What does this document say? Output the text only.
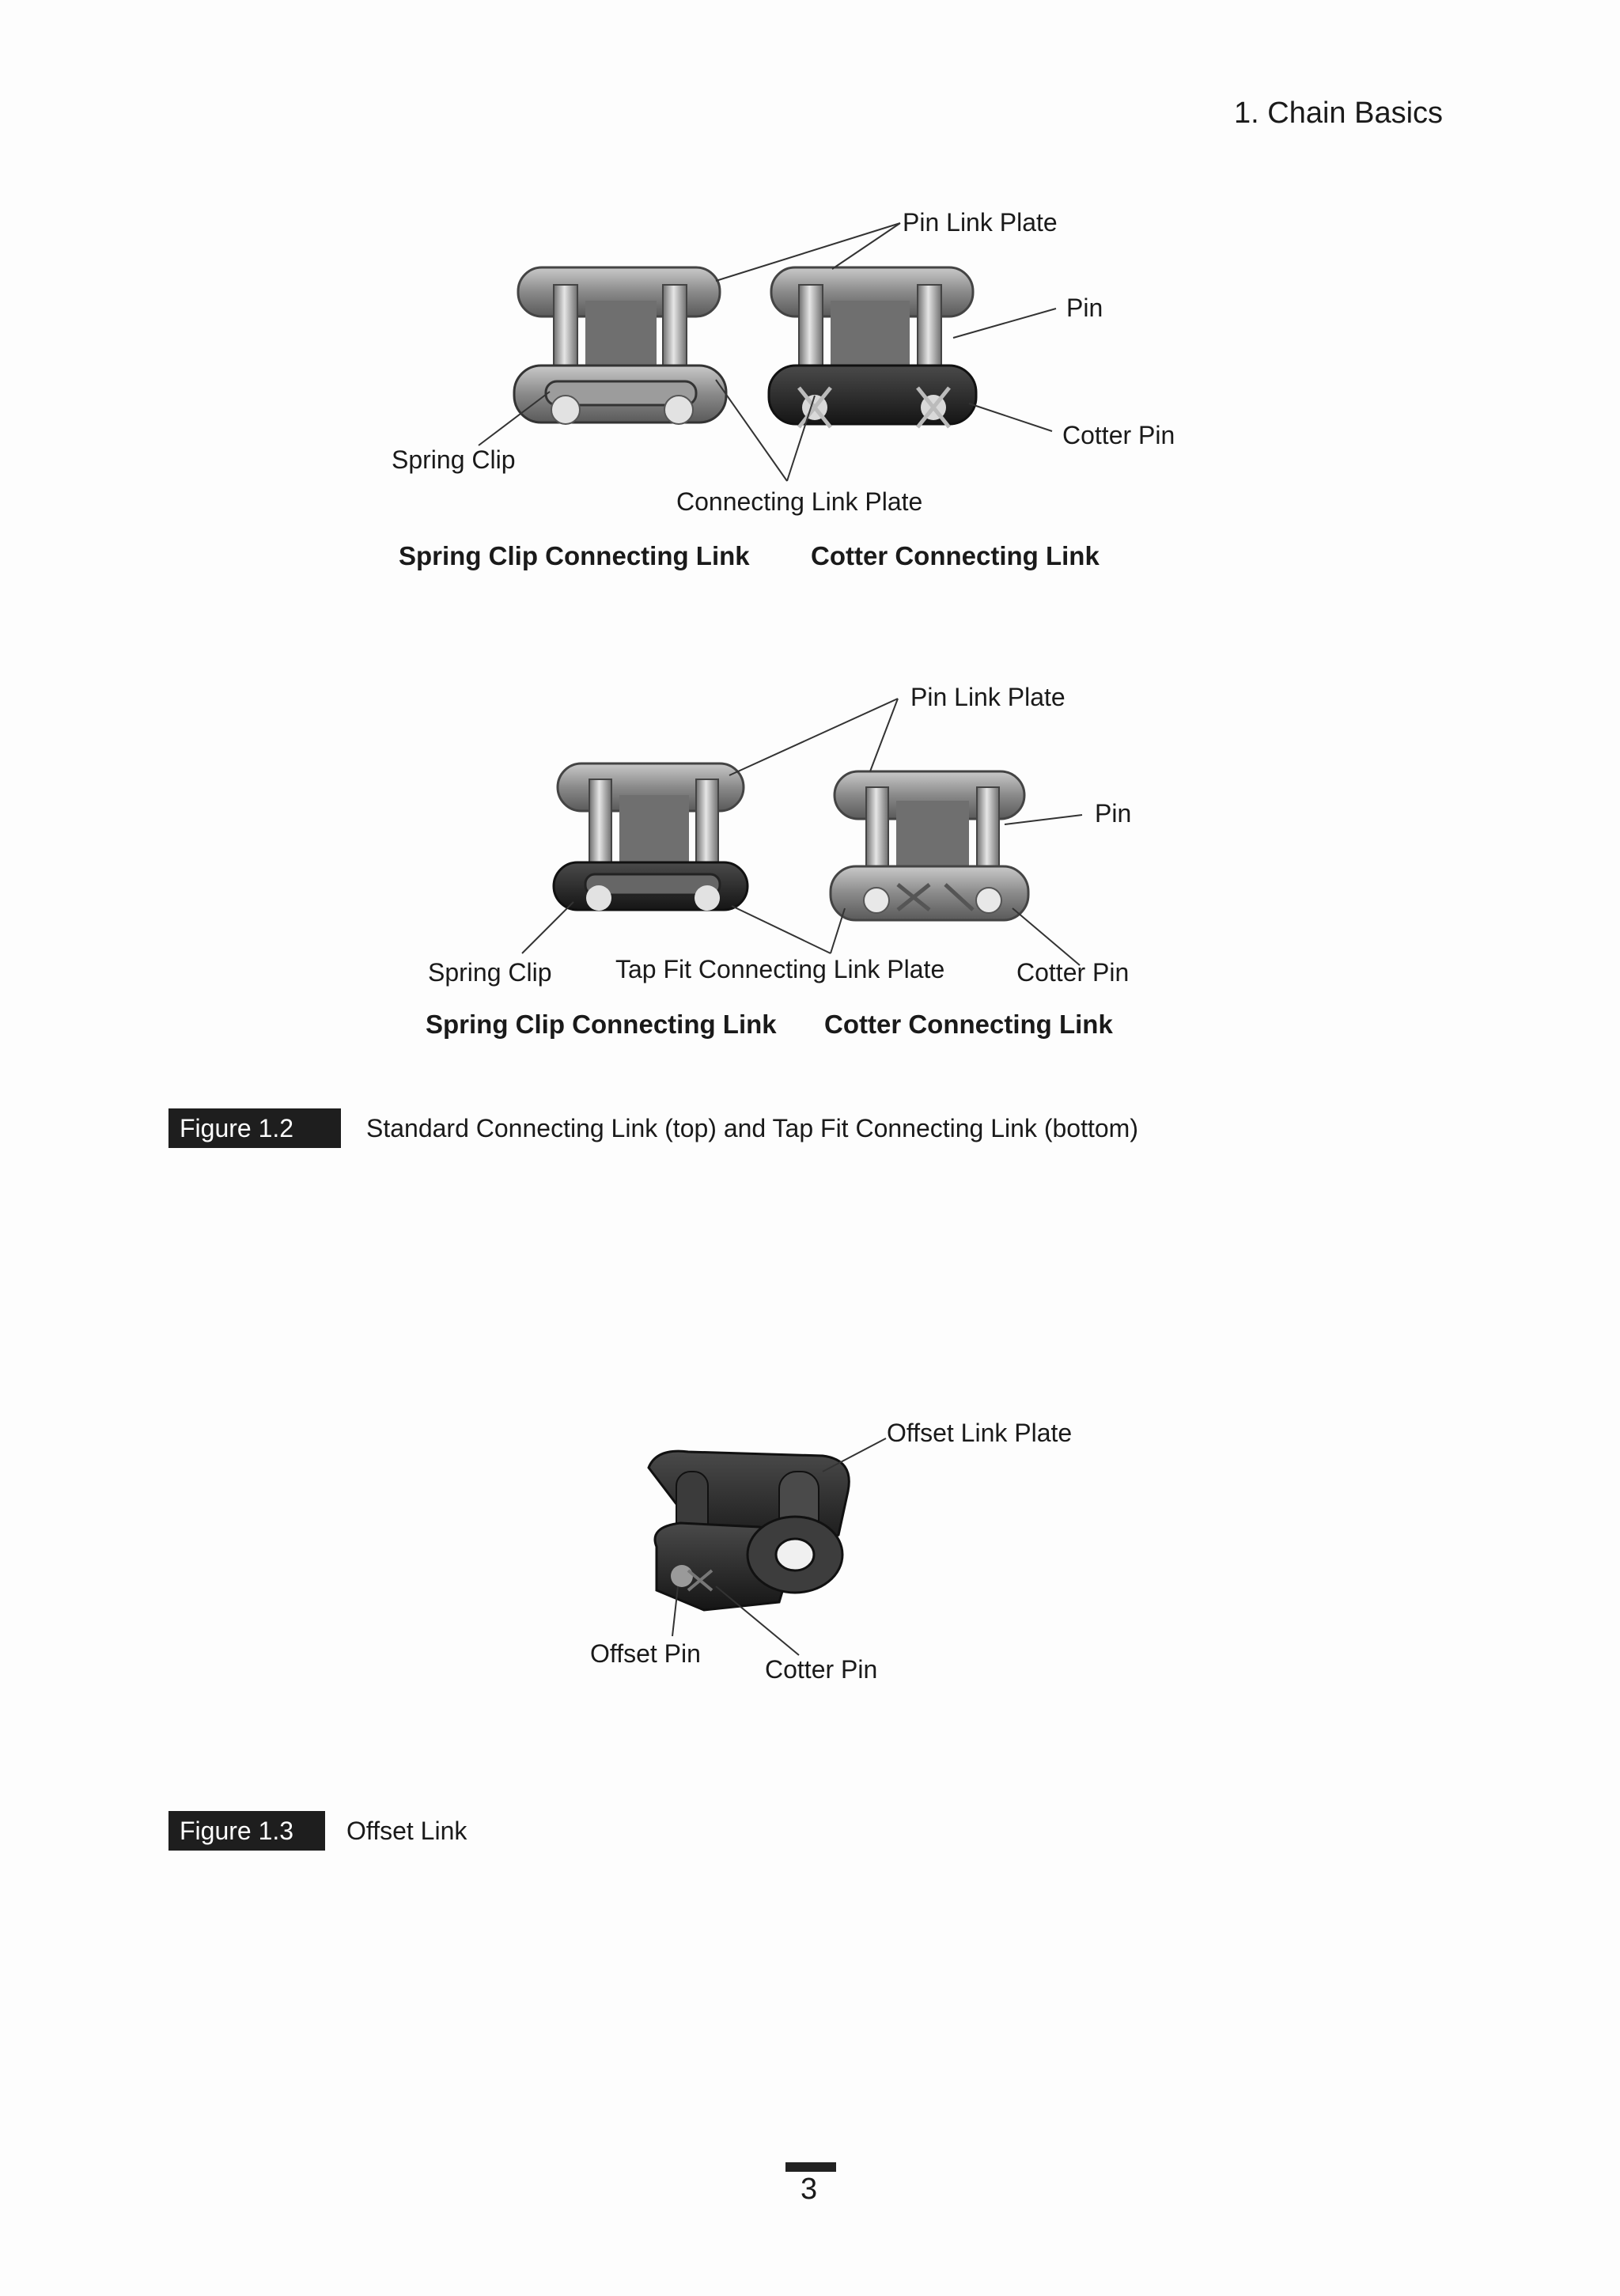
1. Chain Basics
Pin Link Plate
Pin
Cotter Pin
Spring Clip
Connecting Link Plate
Spring Clip Connecting Link Cotter Connecting Link
Pin Link Plate
Pin
Spring Clip	Tap Fit Connecting Link Plate	Cotter Pin
Spring Clip Connecting Link Cotter Connecting Link
Figure 1.2	Standard Connecting Link (top) and Tap Fit Connecting Link (bottom)
Offset Link Plate
Offset Pin
Cotter Pin
Figure 1.3	Offset Link
3
